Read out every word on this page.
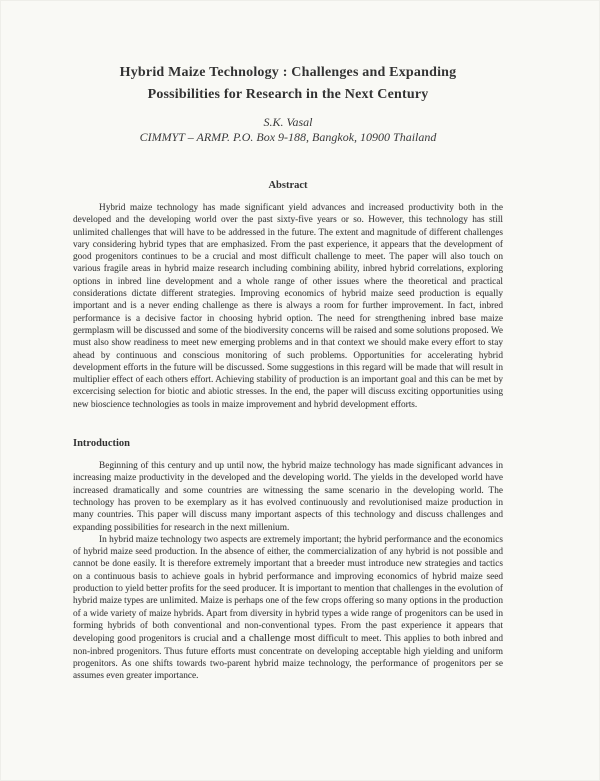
Hybrid Maize Technology : Challenges and Expanding
Possibilities for Research in the Next Century
S.K. Vasal
CIMMYT – ARMP. P.O. Box 9-188, Bangkok, 10900 Thailand
Abstract

Hybrid maize technology has made significant yield advances and increased productivity both in the developed and the developing world over the past sixty-five years or so. However, this technology has still unlimited challenges that will have to be addressed in the future. The extent and magnitude of different challenges vary considering hybrid types that are emphasized. From the past experience, it appears that the development of good progenitors continues to be a crucial and most difficult challenge to meet. The paper will also touch on various fragile areas in hybrid maize research including combining ability, inbred hybrid correlations, exploring options in inbred line development and a whole range of other issues where the theoretical and practical considerations dictate different strategies. Improving economics of hybrid maize seed production is equally important and is a never ending challenge as there is always a room for further improvement. In fact, inbred performance is a decisive factor in choosing hybrid option. The need for strengthening inbred base maize germplasm will be discussed and some of the biodiversity concerns will be raised and some solutions proposed. We must also show readiness to meet new emerging problems and in that context we should make every effort to stay ahead by continuous and conscious monitoring of such problems. Opportunities for accelerating hybrid development efforts in the future will be discussed. Some suggestions in this regard will be made that will result in multiplier effect of each others effort. Achieving stability of production is an important goal and this can be met by excercising selection for biotic and abiotic stresses. In the end, the paper will discuss exciting opportunities using new bioscience technologies as tools in maize improvement and hybrid development efforts.

Introduction

Beginning of this century and up until now, the hybrid maize technology has made significant advances in increasing maize productivity in the developed and the developing world. The yields in the developed world have increased dramatically and some countries are witnessing the same scenario in the developing world. The technology has proven to be exemplary as it has evolved continuously and revolutionised maize production in many countries. This paper will discuss many important aspects of this technology and discuss challenges and expanding possibilities for research in the next millenium.

In hybrid maize technology two aspects are extremely important; the hybrid performance and the economics of hybrid maize seed production. In the absence of either, the commercialization of any hybrid is not possible and cannot be done easily. It is therefore extremely important that a breeder must introduce new strategies and tactics on a continuous basis to achieve goals in hybrid performance and improving economics of hybrid maize seed production to yield better profits for the seed producer. It is important to mention that challenges in the evolution of hybrid maize types are unlimited. Maize is perhaps one of the few crops offering so many options in the production of a wide variety of maize hybrids. Apart from diversity in hybrid types a wide range of progenitors can be used in forming hybrids of both conventional and non-conventional types. From the past experience it appears that developing good progenitors is crucial and a challenge most difficult to meet. This applies to both inbred and non-inbred progenitors. Thus future efforts must concentrate on developing acceptable high yielding and uniform progenitors. As one shifts towards two-parent hybrid maize technology, the performance of progenitors per se assumes even greater importance.
